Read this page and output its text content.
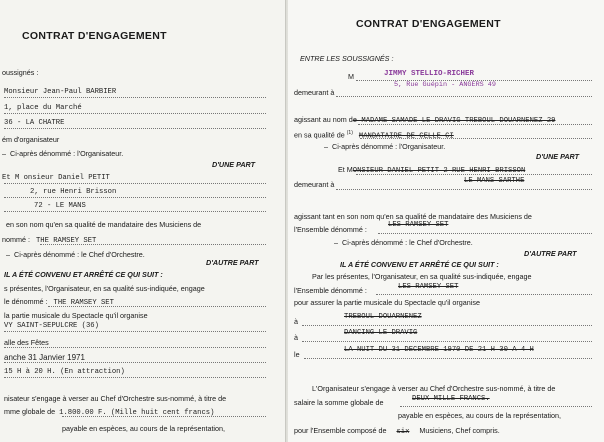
CONTRAT D'ENGAGEMENT
oussignés :
Monsieur Jean-Paul BARBIER
1, place du Marché
36 - LA CHATRE
ém d'organisateur
–  Ci-après dénommé : l'Organisateur.
D'UNE PART
Et M onsieur Daniel PETIT
2, rue Henri Brisson
72 - LE MANS
en son nom qu'en sa qualité de mandataire des Musiciens de
nommé : THE RAMSEY SET
–  Ci-après dénommé : le Chef d'Orchestre.
D'AUTRE PART
IL A ÉTÉ CONVENU ET ARRÊTÉ CE QUI SUIT :
s présentes, l'Organisateur, en sa qualité sus-indiquée, engage
le dénommé : THE RAMSEY SET
la partie musicale du Spectacle qu'il organise
VY SAINT-SEPULCRE (36)
alle des Fêtes
anche 31 Janvier 1971
15 H à 20 H. (En attraction)
nisateur s'engage à verser au Chef d'Orchestre sus-nommé, à titre de
mme globale de 1.800.00 F. (Mille huit cent francs)
payable en espèces, au cours de la représentation,
CONTRAT D'ENGAGEMENT
ENTRE LES SOUSSIGNÉS :
M	JIMMY STELLIO-RICHER
demeurant à
5, Rue Guépin - ANGERS 49
agissant au nom de MADAME SAMADE LE DRAVIG TREBOUL DOUARNENEZ 29
en sa qualité de $^{(1)}$ MANDATAIRE DE CELLE CI
–  Ci-après dénommé : l'Organisateur.
D'UNE PART
Et MONSIEUR DANIEL PETIT 2 RUE HENRI BRISSON
demeurant à	LE MANS SARTHE
agissant tant en son nom qu'en sa qualité de mandataire des Musiciens de
l'Ensemble dénommé :	LES RAMSEY SET
–  Ci-après dénommé : le Chef d'Orchestre.
D'AUTRE PART
IL A ÉTÉ CONVENU ET ARRÊTÉ CE QUI SUIT :
Par les présentes, l'Organisateur, en sa qualité sus-indiquée, engage
l'Ensemble dénommé :	LES RAMSEY SET
pour assurer la partie musicale du Spectacle qu'il organise
à	TREBOUL DOUARNENEZ
à	DANCING LE DRAVIG
le	LA NUIT DU 31 DECEMBRE 1970 DE 21 H 30 A 4 H
L'Organisateur s'engage à verser au Chef d'Orchestre sus-nommé, à titre de
salaire la somme globale de	DEUX MILLE FRANCS.
payable en espèces, au cours de la représentation,
pour l'Ensemble composé de six Musiciens, Chef compris.
